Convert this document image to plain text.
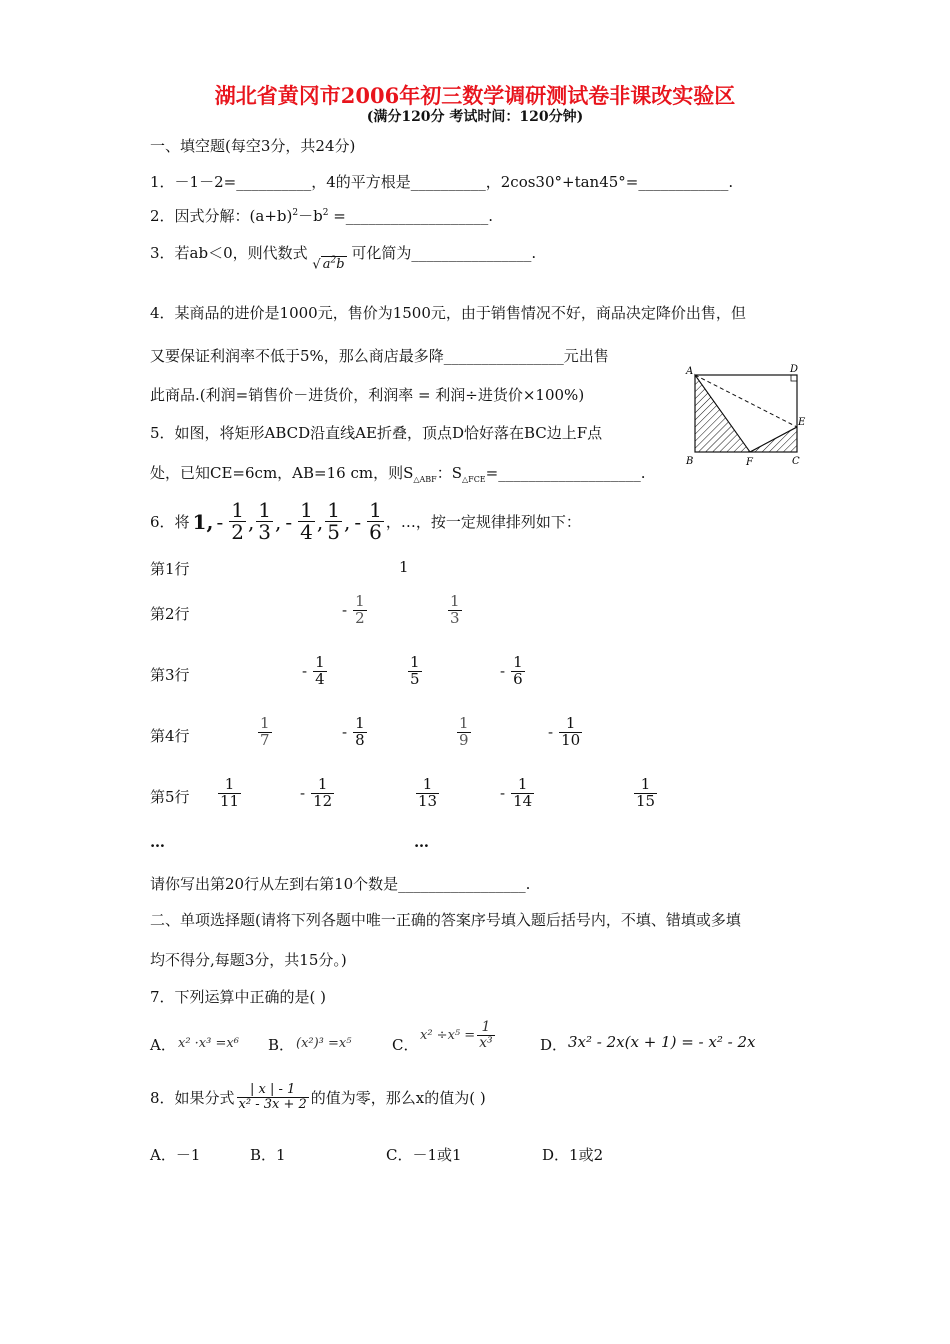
湖北省黄冈市2006年初三数学调研测试卷非课改实验区
(满分120分 考试时间：120分钟)
一、填空题(每空3分，共24分)
1．－1－2=__________，4的平方根是__________，2cos30°+tan45°=____________.
2．因式分解：$(a+b)^2-b^2$ =___________________.
3．若ab＜0，则代数式 √ $a^2b$ 可化简为________________.
4．某商品的进价是1000元，售价为1500元，由于销售情况不好，商品决定降价出售，但
又要保证利润率不低于5%，那么商店最多降________________元出售
此商品.(利润=销售价－进货价，利润率 = 利润÷进货价×100%)
5．如图，将矩形ABCD沿直线AE折叠，顶点D恰好落在BC边上F点
处，已知CE=6cm，AB=16 cm，则$S_{\triangle ABF}$：$S_{\triangle FCE}=\_\_\_\_\_\_\_\_\_\_\_\_\_\_\_\_\_\_\_$.
A
B	C
D
E
F
6．将 1, - $\frac{1}{2}$ , $\frac{1}{3}$ , - $\frac{1}{4}$ , $\frac{1}{5}$ , - $\frac{1}{6}$ ，…，按一定规律排列如下：
第1行	1
第2行	- $\frac{1}{2}$	$\frac{1}{3}$
第3行	- $\frac{1}{4}$	$\frac{1}{5}$	- $\frac{1}{6}$
第4行	$\frac{1}{7}$	- $\frac{1}{8}$	$\frac{1}{9}$	- $\frac{1}{10}$
第5行 $\frac{1}{11}$	- $\frac{1}{12}$	$\frac{1}{13}$	- $\frac{1}{14}$	$\frac{1}{15}$
…	…
请你写出第20行从左到右第10个数是_________________.
二、单项选择题(请将下列各题中唯一正确的答案序号填入题后括号内，不填、错填或多填
均不得分,每题3分，共15分。)
7．下列运算中正确的是( )
A． x² ·x³ =x⁶ B． (x²)³ =x⁵	C．
$x^2 \div x^5 = \frac{1}{\text{x³}}$	D． 3x² - 2x(x + 1) = - x² - 2x
8．如果分式 $\frac{| x | - 1}{\text{x² - 3x + 2}}$ 的值为零，那么x的值为( )
A．－1	B．1	C．－1或1	D．1或2
